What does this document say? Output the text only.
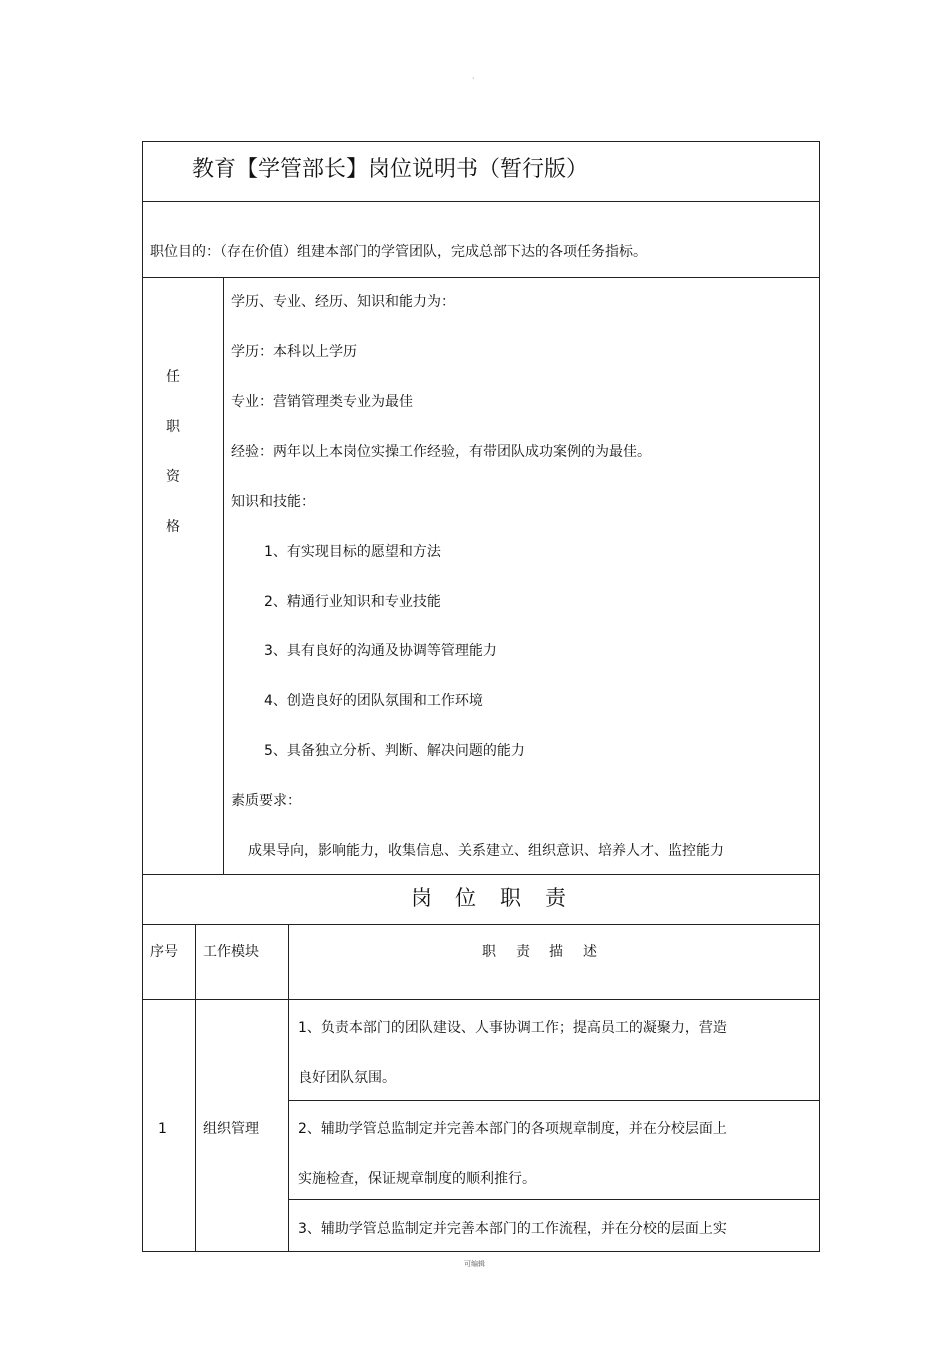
·
教育【学管部长】岗位说明书（暂行版）
职位目的：（存在价值）组建本部门的学管团队，完成总部下达的各项任务指标。
任
职
资
格
学历、专业、经历、知识和能力为：
学历：本科以上学历
专业：营销管理类专业为最佳
经验：两年以上本岗位实操工作经验，有带团队成功案例的为最佳。
知识和技能：
1、有实现目标的愿望和方法
2、精通行业知识和专业技能
3、具有良好的沟通及协调等管理能力
4、创造良好的团队氛围和工作环境
5、具备独立分析、判断、解决问题的能力
素质要求：
成果导向，影响能力，收集信息、关系建立、组织意识、培养人才、监控能力
岗 位 职 责
序号 工作模块	职 责 描 述
1	组织管理
1、负责本部门的团队建设、人事协调工作；提高员工的凝聚力，营造
良好团队氛围。
2、辅助学管总监制定并完善本部门的各项规章制度，并在分校层面上
实施检查，保证规章制度的顺利推行。
3、辅助学管总监制定并完善本部门的工作流程，并在分校的层面上实
可编辑
